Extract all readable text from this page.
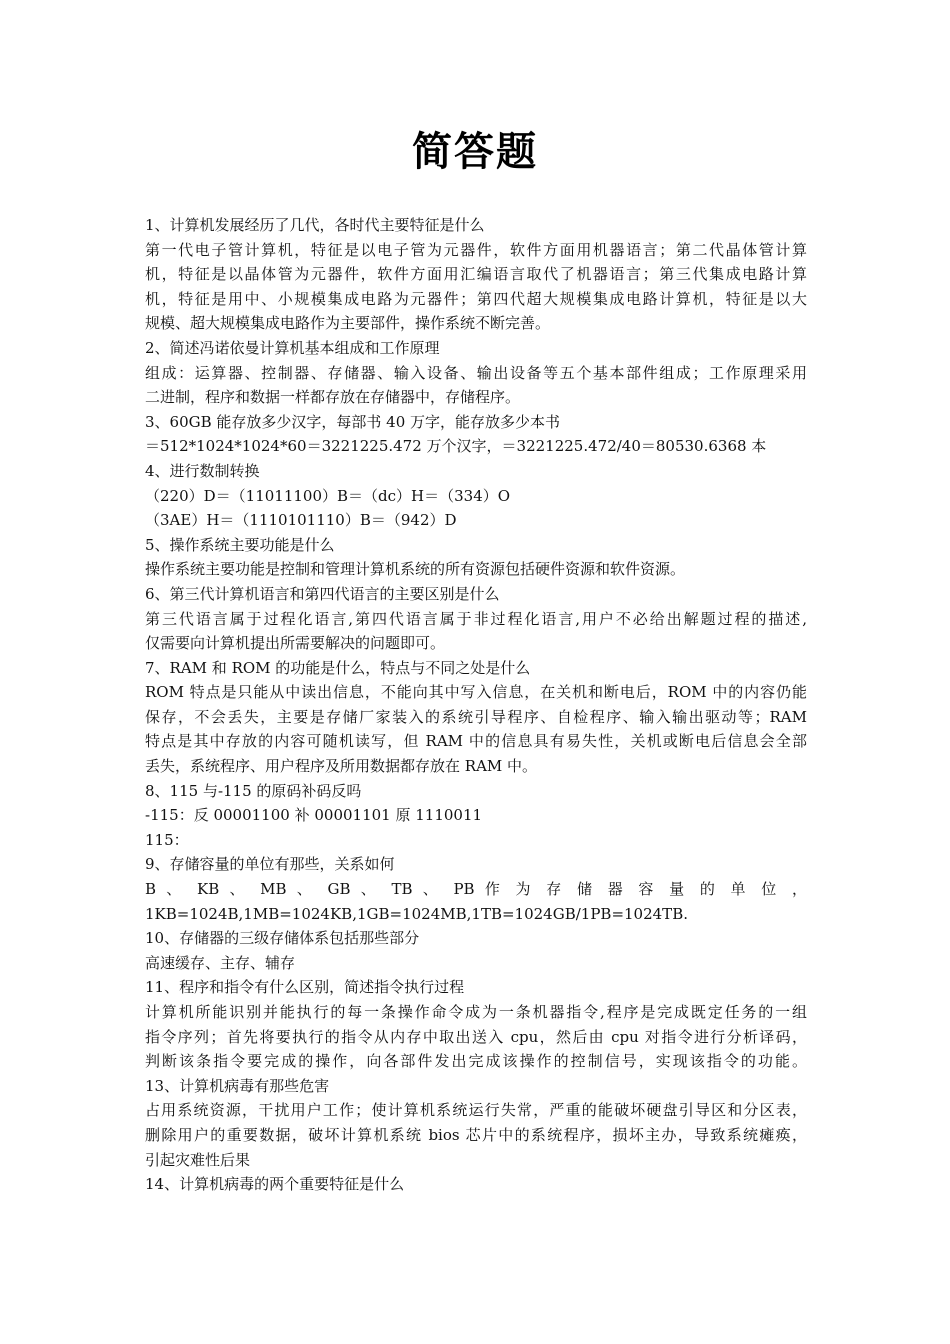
简答题
1、计算机发展经历了几代，各时代主要特征是什么
第一代电子管计算机，特征是以电子管为元器件，软件方面用机器语言；第二代晶体管计算
机，特征是以晶体管为元器件，软件方面用汇编语言取代了机器语言；第三代集成电路计算
机，特征是用中、小规模集成电路为元器件；第四代超大规模集成电路计算机，特征是以大
规模、超大规模集成电路作为主要部件，操作系统不断完善。
2、简述冯诺依曼计算机基本组成和工作原理
组成：运算器、控制器、存储器、输入设备、输出设备等五个基本部件组成；工作原理采用
二进制，程序和数据一样都存放在存储器中，存储程序。
3、60GB 能存放多少汉字，每部书 40 万字，能存放多少本书
＝512*1024*1024*60＝3221225.472 万个汉字，＝3221225.472/40＝80530.6368 本
4、进行数制转换
（220）D＝（11011100）B＝（dc）H＝（334）O
（3AE）H＝（1110101110）B＝（942）D
5、操作系统主要功能是什么
操作系统主要功能是控制和管理计算机系统的所有资源包括硬件资源和软件资源。
6、第三代计算机语言和第四代语言的主要区别是什么
第三代语言属于过程化语言,第四代语言属于非过程化语言,用户不必给出解题过程的描述,
仅需要向计算机提出所需要解决的问题即可。
7、RAM 和 ROM 的功能是什么，特点与不同之处是什么
ROM 特点是只能从中读出信息，不能向其中写入信息，在关机和断电后，ROM 中的内容仍能
保存，不会丢失，主要是存储厂家装入的系统引导程序、自检程序、输入输出驱动等；RAM
特点是其中存放的内容可随机读写，但 RAM 中的信息具有易失性，关机或断电后信息会全部
丢失，系统程序、用户程序及所用数据都存放在 RAM 中。
8、115 与-115 的原码补码反吗
-115：反 00001100 补 00001101 原 1110011
115：
9、存储容量的单位有那些，关系如何
B 、 KB 、 MB 、 GB 、 TB 、 PB 作 为 存 储 器 容 量 的 单 位 ，
1KB=1024B,1MB=1024KB,1GB=1024MB,1TB=1024GB/1PB=1024TB.
10、存储器的三级存储体系包括那些部分
高速缓存、主存、辅存
11、程序和指令有什么区别，简述指令执行过程
计算机所能识别并能执行的每一条操作命令成为一条机器指令,程序是完成既定任务的一组
指令序列；首先将要执行的指令从内存中取出送入 cpu，然后由 cpu 对指令进行分析译码，
判断该条指令要完成的操作，向各部件发出完成该操作的控制信号，实现该指令的功能。
13、计算机病毒有那些危害
占用系统资源，干扰用户工作；使计算机系统运行失常，严重的能破坏硬盘引导区和分区表，
删除用户的重要数据，破坏计算机系统 bios 芯片中的系统程序，损坏主办，导致系统瘫痪，
引起灾难性后果
14、计算机病毒的两个重要特征是什么
